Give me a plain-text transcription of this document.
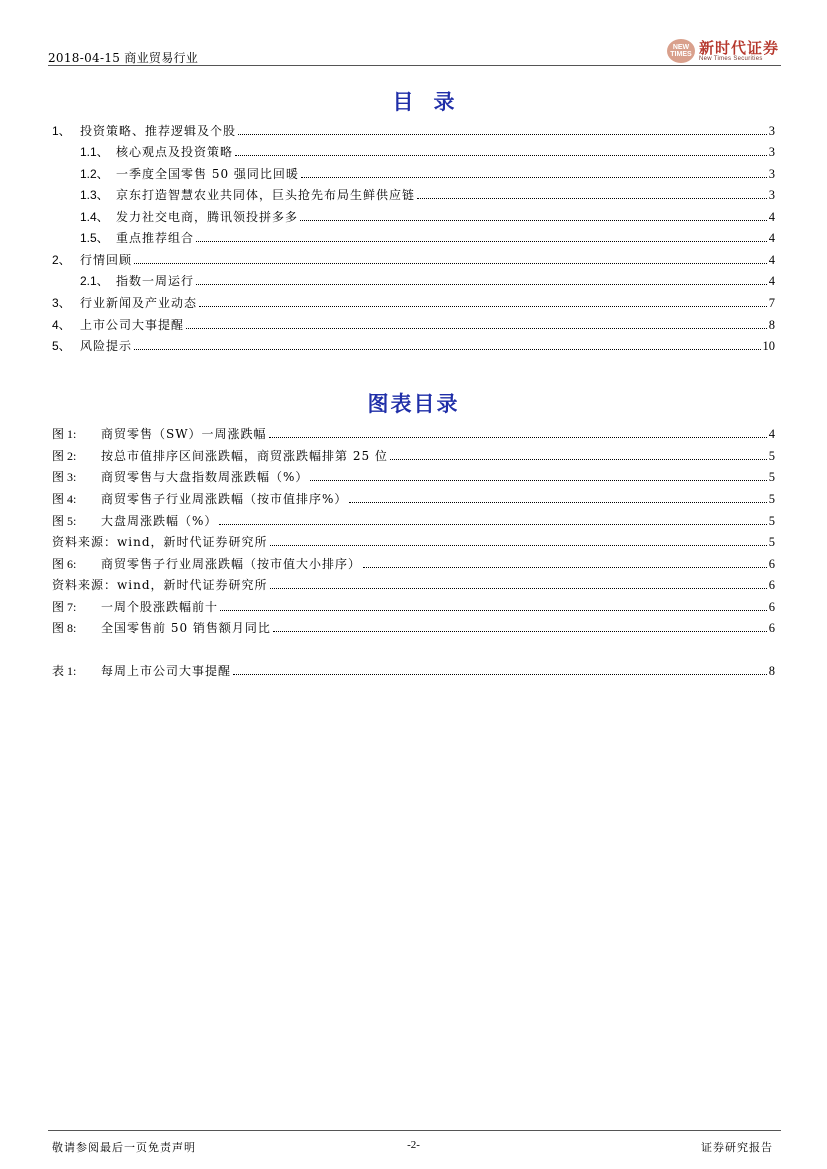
2018-04-15 商业贸易行业
NEW TIMES 新时代证券
New Times Securities
目录
1、 投资策略、推荐逻辑及个股	3
1.1、 核心观点及投资策略	3
1.2、 一季度全国零售 50 强同比回暖	3
1.3、 京东打造智慧农业共同体，巨头抢先布局生鲜供应链	3
1.4、 发力社交电商，腾讯领投拼多多	4
1.5、 重点推荐组合	4
2、 行情回顾	4
2.1、 指数一周运行	4
3、 行业新闻及产业动态	7
4、 上市公司大事提醒	8
5、 风险提示	10
图表目录
图 1:	商贸零售（SW）一周涨跌幅	4
图 2:	按总市值排序区间涨跌幅，商贸涨跌幅排第 25 位	5
图 3:	商贸零售与大盘指数周涨跌幅（%）	5
图 4:	商贸零售子行业周涨跌幅（按市值排序%）	5
图 5:	大盘周涨跌幅（%）	5
资料来源：wind，新时代证券研究所	5
图 6:	商贸零售子行业周涨跌幅（按市值大小排序）	6
资料来源：wind，新时代证券研究所	6
图 7:	一周个股涨跌幅前十	6
图 8:	全国零售前 50 销售额月同比	6
表 1:	每周上市公司大事提醒	8
敬请参阅最后一页免责声明	-2-	证券研究报告
